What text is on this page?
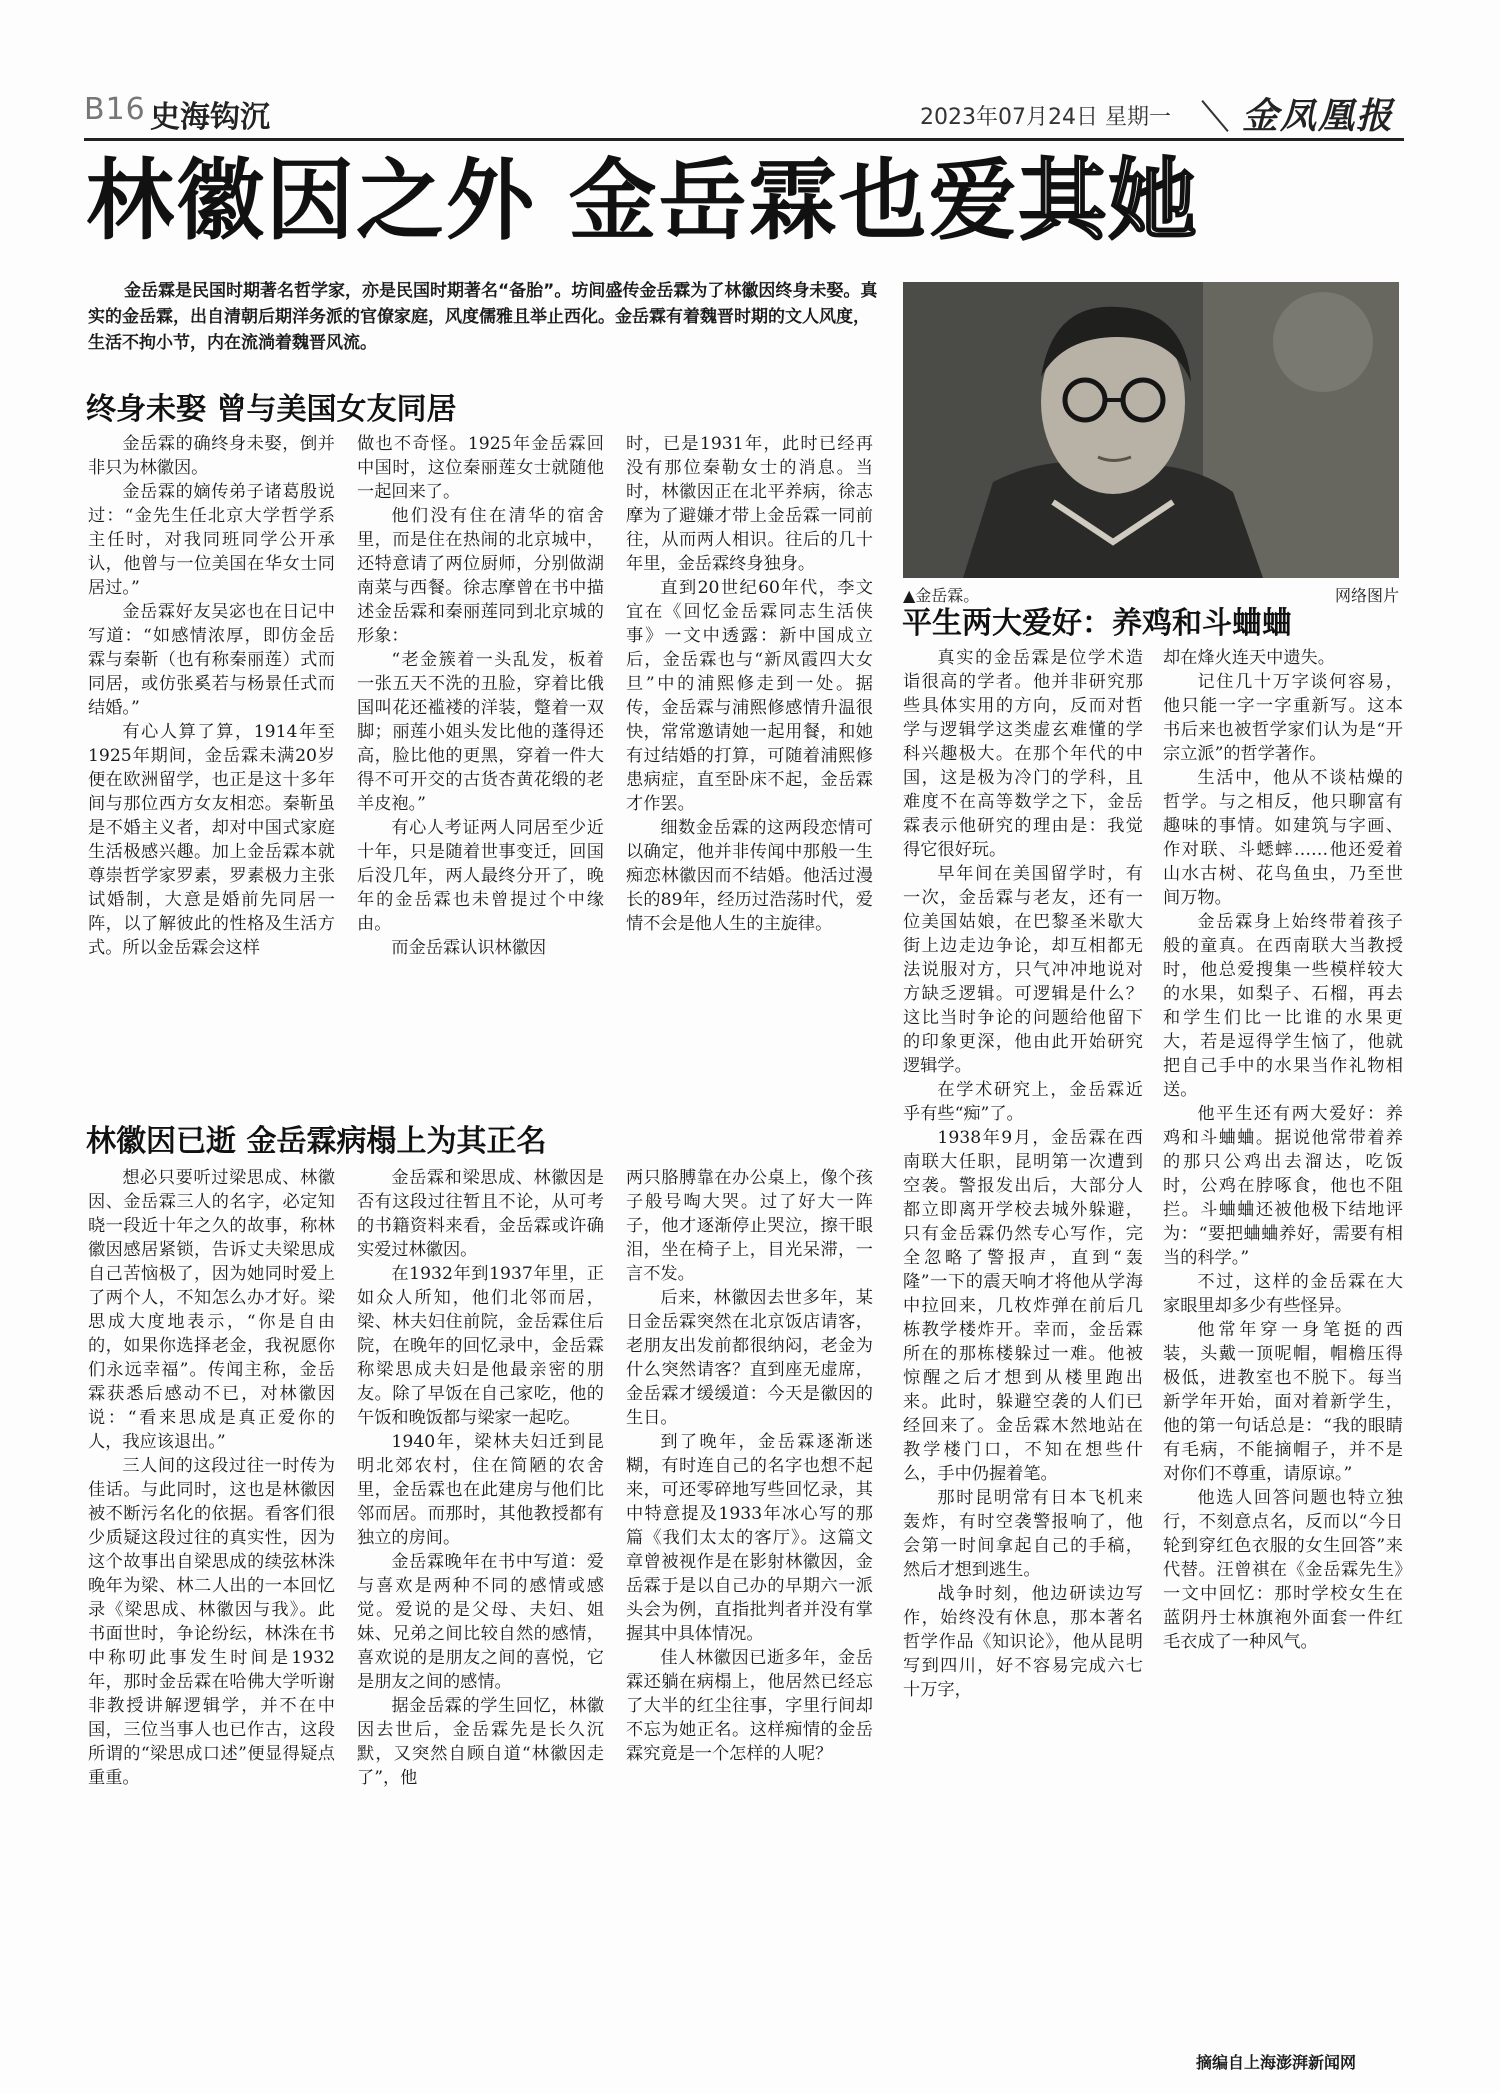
B16 史海钩沉	2023年07月24日 星期一 金凤凰报
林徽因之外 金岳霖也爱其她
金岳霖是民国时期著名哲学家，亦是民国时期著名“备胎”。坊间盛传金岳霖为了林徽因终身未娶。真实的金岳霖，出自清朝后期洋务派的官僚家庭，风度儒雅且举止西化。金岳霖有着魏晋时期的文人风度，生活不拘小节，内在流淌着魏晋风流。
▲金岳霖。	网络图片
终身未娶 曾与美国女友同居

金岳霖的确终身未娶，倒并非只为林徽因。

金岳霖的嫡传弟子诸葛殷说过：“金先生任北京大学哲学系主任时，对我同班同学公开承认，他曾与一位美国在华女士同居过。”

金岳霖好友吴宓也在日记中写道：“如感情浓厚，即仿金岳霖与秦靳（也有称秦丽莲）式而同居，或仿张奚若与杨景任式而结婚。”

有心人算了算，1914年至1925年期间，金岳霖未满20岁便在欧洲留学，也正是这十多年间与那位西方女友相恋。秦靳虽是不婚主义者，却对中国式家庭生活极感兴趣。加上金岳霖本就尊崇哲学家罗素，罗素极力主张试婚制，大意是婚前先同居一阵，以了解彼此的性格及生活方式。所以金岳霖会这样

做也不奇怪。1925年金岳霖回中国时，这位秦丽莲女士就随他一起回来了。

他们没有住在清华的宿舍里，而是住在热闹的北京城中，还特意请了两位厨师，分别做湖南菜与西餐。徐志摩曾在书中描述金岳霖和秦丽莲同到北京城的形象：

“老金簇着一头乱发，板着一张五天不洗的丑脸，穿着比俄国叫花还褴褛的洋装，蹩着一双脚；丽莲小姐头发比他的蓬得还高，脸比他的更黑，穿着一件大得不可开交的古货杏黄花缎的老羊皮袍。”

有心人考证两人同居至少近十年，只是随着世事变迁，回国后没几年，两人最终分开了，晚年的金岳霖也未曾提过个中缘由。

而金岳霖认识林徽因

时，已是1931年，此时已经再没有那位秦勒女士的消息。当时，林徽因正在北平养病，徐志摩为了避嫌才带上金岳霖一同前往，从而两人相识。往后的几十年里，金岳霖终身独身。

直到20世纪60年代，李文宜在《回忆金岳霖同志生活侠事》一文中透露：新中国成立后，金岳霖也与“新凤霞四大女旦”中的浦熙修走到一处。据传，金岳霖与浦熙修感情升温很快，常常邀请她一起用餐，和她有过结婚的打算，可随着浦熙修患病症，直至卧床不起，金岳霖才作罢。

细数金岳霖的这两段恋情可以确定，他并非传闻中那般一生痴恋林徽因而不结婚。他活过漫长的89年，经历过浩荡时代，爱情不会是他人生的主旋律。

林徽因已逝 金岳霖病榻上为其正名

想必只要听过梁思成、林徽因、金岳霖三人的名字，必定知晓一段近十年之久的故事，称林徽因感居紧锁，告诉丈夫梁思成自己苦恼极了，因为她同时爱上了两个人，不知怎么办才好。梁思成大度地表示，“你是自由的，如果你选择老金，我祝愿你们永远幸福”。传闻主称，金岳霖获悉后感动不已，对林徽因说：“看来思成是真正爱你的人，我应该退出。”

三人间的这段过往一时传为佳话。与此同时，这也是林徽因被不断污名化的依据。看客们很少质疑这段过往的真实性，因为这个故事出自梁思成的续弦林洙晚年为梁、林二人出的一本回忆录《梁思成、林徽因与我》。此书面世时，争论纷纭，林洙在书中称叨此事发生时间是1932年，那时金岳霖在哈佛大学听谢非教授讲解逻辑学，并不在中国，三位当事人也已作古，这段所谓的“梁思成口述”便显得疑点重重。

金岳霖和梁思成、林徽因是否有这段过往暂且不论，从可考的书籍资料来看，金岳霖或许确实爱过林徽因。

在1932年到1937年里，正如众人所知，他们北邻而居，梁、林夫妇住前院，金岳霖住后院，在晚年的回忆录中，金岳霖称梁思成夫妇是他最亲密的朋友。除了早饭在自己家吃，他的午饭和晚饭都与梁家一起吃。

1940年，梁林夫妇迁到昆明北郊农村，住在简陋的农舍里，金岳霖也在此建房与他们比邻而居。而那时，其他教授都有独立的房间。

金岳霖晚年在书中写道：爱与喜欢是两种不同的感情或感觉。爱说的是父母、夫妇、姐妹、兄弟之间比较自然的感情，喜欢说的是朋友之间的喜悦，它是朋友之间的感情。

据金岳霖的学生回忆，林徽因去世后，金岳霖先是长久沉默，又突然自顾自道“林徽因走了”，他

两只胳膊靠在办公桌上，像个孩子般号啕大哭。过了好大一阵子，他才逐渐停止哭泣，擦干眼泪，坐在椅子上，目光呆滞，一言不发。

后来，林徽因去世多年，某日金岳霖突然在北京饭店请客，老朋友出发前都很纳闷，老金为什么突然请客？直到座无虚席，金岳霖才缓缓道：今天是徽因的生日。

到了晚年，金岳霖逐渐迷糊，有时连自己的名字也想不起来，可还零碎地写些回忆录，其中特意提及1933年冰心写的那篇《我们太太的客厅》。这篇文章曾被视作是在影射林徽因，金岳霖于是以自己办的早期六一派头会为例，直指批判者并没有掌握其中具体情况。

佳人林徽因已逝多年，金岳霖还躺在病榻上，他居然已经忘了大半的红尘往事，字里行间却不忘为她正名。这样痴情的金岳霖究竟是一个怎样的人呢？

平生两大爱好：养鸡和斗蛐蛐

真实的金岳霖是位学术造诣很高的学者。他并非研究那些具体实用的方向，反而对哲学与逻辑学这类虚玄难懂的学科兴趣极大。在那个年代的中国，这是极为冷门的学科，且难度不在高等数学之下，金岳霖表示他研究的理由是：我觉得它很好玩。

早年间在美国留学时，有一次，金岳霖与老友，还有一位美国姑娘，在巴黎圣米歇大街上边走边争论，却互相都无法说服对方，只气冲冲地说对方缺乏逻辑。可逻辑是什么？这比当时争论的问题给他留下的印象更深，他由此开始研究逻辑学。

在学术研究上，金岳霖近乎有些“痴”了。

1938年9月，金岳霖在西南联大任职，昆明第一次遭到空袭。警报发出后，大部分人都立即离开学校去城外躲避，只有金岳霖仍然专心写作，完全忽略了警报声，直到“轰隆”一下的震天响才将他从学海中拉回来，几枚炸弹在前后几栋教学楼炸开。幸而，金岳霖所在的那栋楼躲过一难。他被惊醒之后才想到从楼里跑出来。此时，躲避空袭的人们已经回来了。金岳霖木然地站在教学楼门口，不知在想些什么，手中仍握着笔。

那时昆明常有日本飞机来轰炸，有时空袭警报响了，他会第一时间拿起自己的手稿，然后才想到逃生。

战争时刻，他边研读边写作，始终没有休息，那本著名哲学作品《知识论》，他从昆明写到四川，好不容易完成六七十万字，

却在烽火连天中遗失。

记住几十万字谈何容易，他只能一字一字重新写。这本书后来也被哲学家们认为是“开宗立派”的哲学著作。

生活中，他从不谈枯燥的哲学。与之相反，他只聊富有趣味的事情。如建筑与字画、作对联、斗蟋蟀……他还爱着山水古树、花鸟鱼虫，乃至世间万物。

金岳霖身上始终带着孩子般的童真。在西南联大当教授时，他总爱搜集一些模样较大的水果，如梨子、石榴，再去和学生们比一比谁的水果更大，若是逗得学生恼了，他就把自己手中的水果当作礼物相送。

他平生还有两大爱好：养鸡和斗蛐蛐。据说他常带着养的那只公鸡出去溜达，吃饭时，公鸡在脖啄食，他也不阻拦。斗蛐蛐还被他极下结地评为：“要把蛐蛐养好，需要有相当的科学。”

不过，这样的金岳霖在大家眼里却多少有些怪异。

他常年穿一身笔挺的西装，头戴一顶呢帽，帽檐压得极低，进教室也不脱下。每当新学年开始，面对着新学生，他的第一句话总是：“我的眼睛有毛病，不能摘帽子，并不是对你们不尊重，请原谅。”

他选人回答问题也特立独行，不刻意点名，反而以“今日轮到穿红色衣服的女生回答”来代替。汪曾祺在《金岳霖先生》一文中回忆：那时学校女生在蓝阴丹士林旗袍外面套一件红毛衣成了一种风气。

摘编自上海澎湃新闻网
